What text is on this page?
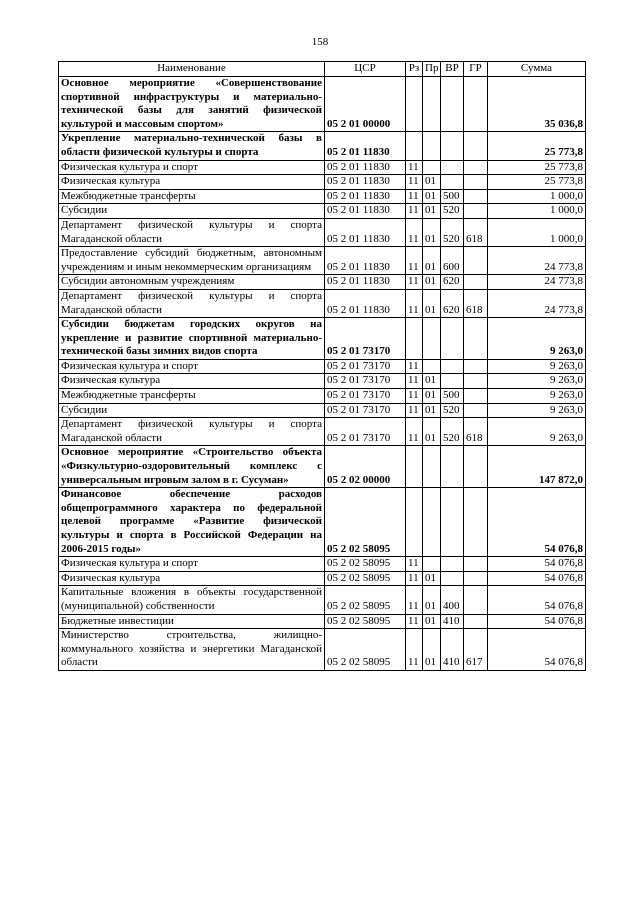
158
Наименование	ЦСР	Рз	Пр	ВР	ГР	Сумма
Основное мероприятие «Совершенствование спортивной инфраструктуры и материально-технической базы для занятий физической культурой и массовым спортом»	05 2 01 00000					35 036,8
Укрепление материально-технической базы в области физической культуры и спорта	05 2 01 11830					25 773,8
Физическая культура и спорт	05 2 01 11830	11				25 773,8
Физическая культура	05 2 01 11830	11	01			25 773,8
Межбюджетные трансферты	05 2 01 11830	11	01	500		1 000,0
Субсидии	05 2 01 11830	11	01	520		1 000,0
Департамент физической культуры и спорта Магаданской области	05 2 01 11830	11	01	520	618	1 000,0
Предоставление субсидий бюджетным, автономным учреждениям и иным некоммерческим организациям	05 2 01 11830	11	01	600		24 773,8
Субсидии автономным учреждениям	05 2 01 11830	11	01	620		24 773,8
Департамент физической культуры и спорта Магаданской области	05 2 01 11830	11	01	620	618	24 773,8
Субсидии бюджетам городских округов на укрепление и развитие спортивной материально-технической базы зимних видов спорта	05 2 01 73170					9 263,0
Физическая культура и спорт	05 2 01 73170	11				9 263,0
Физическая культура	05 2 01 73170	11	01			9 263,0
Межбюджетные трансферты	05 2 01 73170	11	01	500		9 263,0
Субсидии	05 2 01 73170	11	01	520		9 263,0
Департамент физической культуры и спорта Магаданской области	05 2 01 73170	11	01	520	618	9 263,0
Основное мероприятие «Строительство объекта «Физкультурно-оздоровительный комплекс с универсальным игровым залом в г. Сусуман»	05 2 02 00000					147 872,0
Финансовое обеспечение расходов общепрограммного характера по федеральной целевой программе «Развитие физической культуры и спорта в Российской Федерации на 2006-2015 годы»	05 2 02 58095					54 076,8
Физическая культура и спорт	05 2 02 58095	11				54 076,8
Физическая культура	05 2 02 58095	11	01			54 076,8
Капитальные вложения в объекты государственной (муниципальной) собственности	05 2 02 58095	11	01	400		54 076,8
Бюджетные инвестиции	05 2 02 58095	11	01	410		54 076,8
Министерство строительства, жилищно-коммунального хозяйства и энергетики Магаданской области	05 2 02 58095	11	01	410	617	54 076,8
